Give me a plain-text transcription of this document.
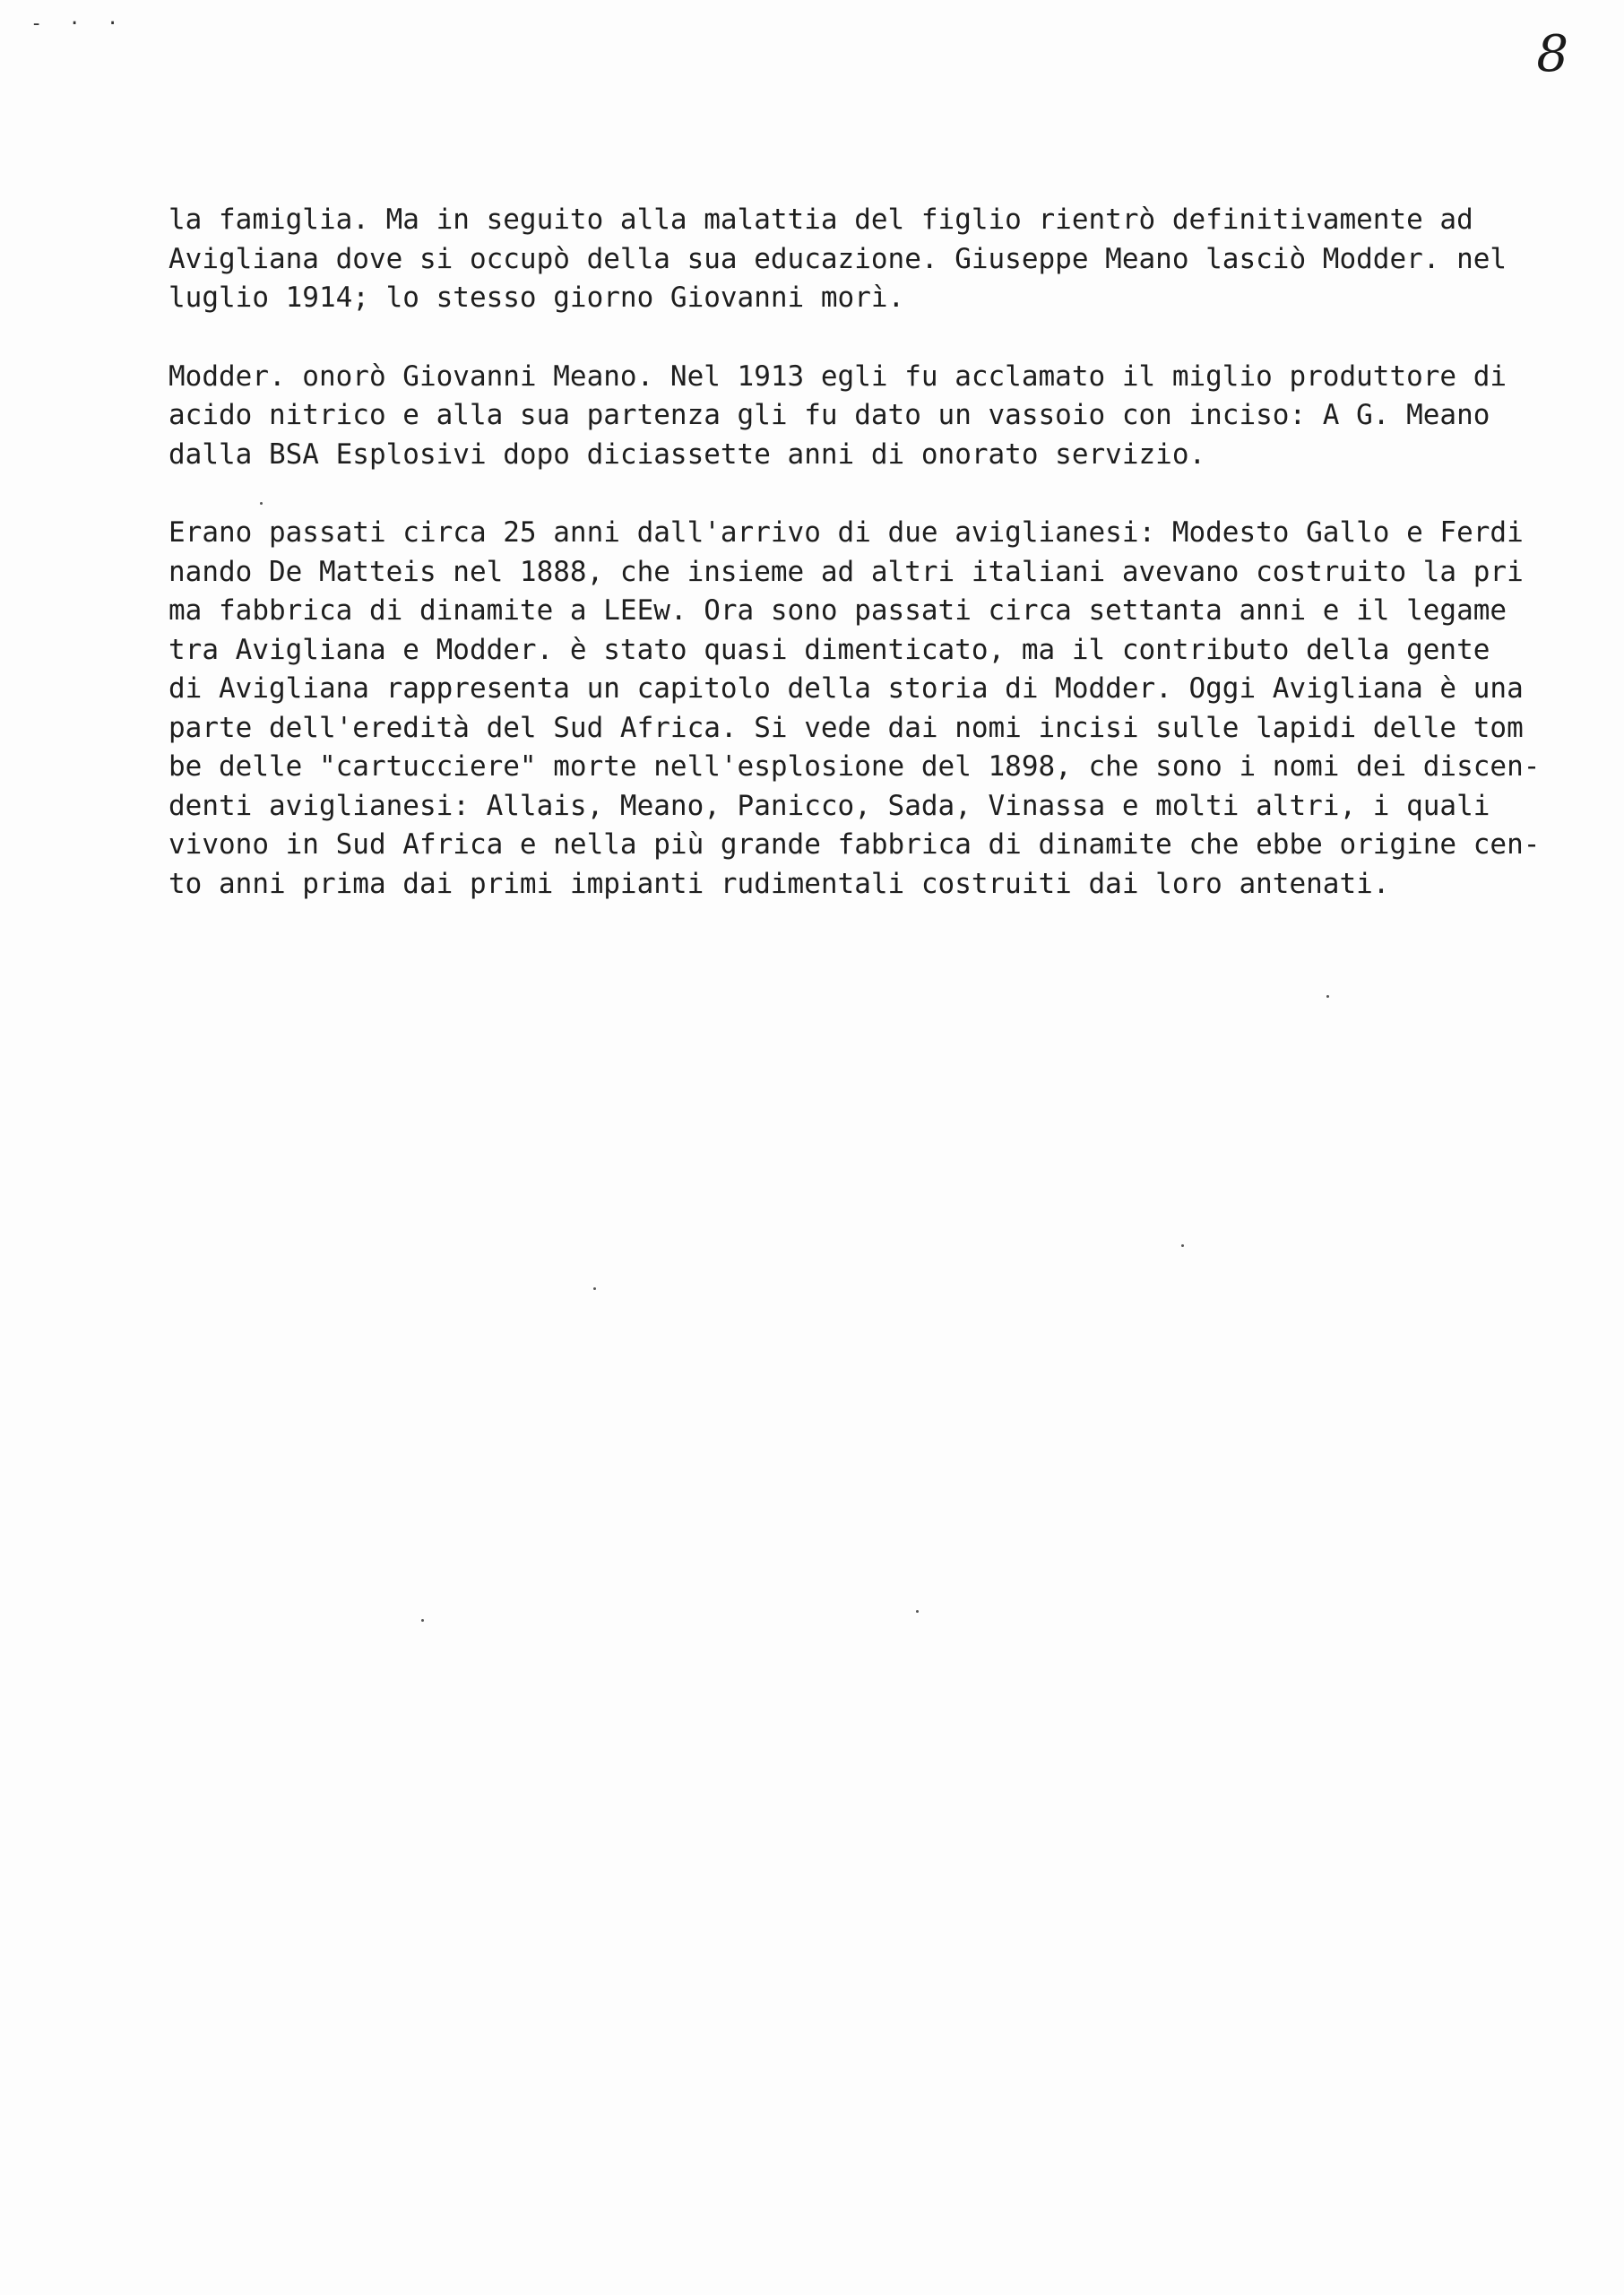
- · ·
8

la famiglia. Ma in seguito alla malattia del figlio rientrò definitivamente ad
Avigliana dove si occupò della sua educazione. Giuseppe Meano lasciò Modder. nel
luglio 1914; lo stesso giorno Giovanni morì.

Modder. onorò Giovanni Meano. Nel 1913 egli fu acclamato il miglio produttore di
acido nitrico e alla sua partenza gli fu dato un vassoio con inciso: A G. Meano
dalla BSA Esplosivi dopo diciassette anni di onorato servizio.

Erano passati circa 25 anni dall'arrivo di due aviglianesi: Modesto Gallo e Ferdi
nando De Matteis nel 1888, che insieme ad altri italiani avevano costruito la pri
ma fabbrica di dinamite a LEEw. Ora sono passati circa settanta anni e il legame
tra Avigliana e Modder. è stato quasi dimenticato, ma il contributo della gente
di Avigliana rappresenta un capitolo della storia di Modder. Oggi Avigliana è una
parte dell'eredità del Sud Africa. Si vede dai nomi incisi sulle lapidi delle tom
be delle "cartucciere" morte nell'esplosione del 1898, che sono i nomi dei discen-
denti aviglianesi: Allais, Meano, Panicco, Sada, Vinassa e molti altri, i quali
vivono in Sud Africa e nella più grande fabbrica di dinamite che ebbe origine cen-
to anni prima dai primi impianti rudimentali costruiti dai loro antenati.
